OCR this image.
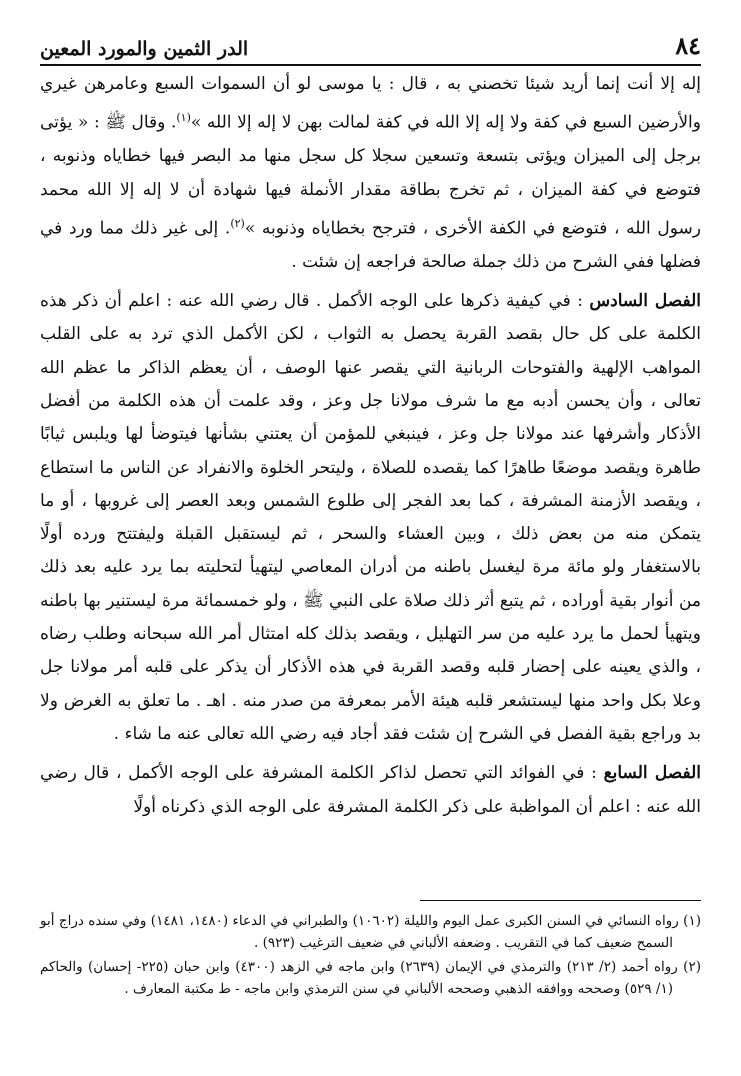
٨٤
الدر الثمين والمورد المعين

إله إلا أنت إنما أريد شيئا تخصني به ، قال : يا موسى لو أن السموات السبع وعامرهن غيري والأرضين السبع في كفة ولا إله إلا الله في كفة لمالت بهن لا إله إلا الله »$^{(١)}$. وقال ﷺ : « يؤتى برجل إلى الميزان ويؤتى بتسعة وتسعين سجلا كل سجل منها مد البصر فيها خطاياه وذنوبه ، فتوضع في كفة الميزان ، ثم تخرج بطاقة مقدار الأنملة فيها شهادة أن لا إله إلا الله محمد رسول الله ، فتوضع في الكفة الأخرى ، فترجح بخطاياه وذنوبه »$^{(٢)}$. إلى غير ذلك مما ورد في فضلها ففي الشرح من ذلك جملة صالحة فراجعه إن شئت .

الفصل السادس : في كيفية ذكرها على الوجه الأكمل . قال رضي الله عنه : اعلم أن ذكر هذه الكلمة على كل حال بقصد القربة يحصل به الثواب ، لكن الأكمل الذي ترد به على القلب المواهب الإلهية والفتوحات الربانية التي يقصر عنها الوصف ، أن يعظم الذاكر ما عظم الله تعالى ، وأن يحسن أدبه مع ما شرف مولانا جل وعز ، وقد علمت أن هذه الكلمة من أفضل الأذكار وأشرفها عند مولانا جل وعز ، فينبغي للمؤمن أن يعتني بشأنها فيتوضأ لها ويلبس ثيابًا طاهرة ويقصد موضعًا طاهرًا كما يقصده للصلاة ، وليتحر الخلوة والانفراد عن الناس ما استطاع ، ويقصد الأزمنة المشرفة ، كما بعد الفجر إلى طلوع الشمس وبعد العصر إلى غروبها ، أو ما يتمكن منه من بعض ذلك ، وبين العشاء والسحر ، ثم ليستقبل القبلة وليفتتح ورده أولًا بالاستغفار ولو مائة مرة ليغسل باطنه من أدران المعاصي ليتهيأ لتحليته بما يرد عليه بعد ذلك من أنوار بقية أوراده ، ثم يتبع أثر ذلك صلاة على النبي ﷺ ، ولو خمسمائة مرة ليستنير بها باطنه ويتهيأ لحمل ما يرد عليه من سر التهليل ، ويقصد بذلك كله امتثال أمر الله سبحانه وطلب رضاه ، والذي يعينه على إحضار قلبه وقصد القربة في هذه الأذكار أن يذكر على قلبه أمر مولانا جل وعلا بكل واحد منها ليستشعر قلبه هيئة الأمر بمعرفة من صدر منه . اهـ . ما تعلق به الغرض ولا بد وراجع بقية الفصل في الشرح إن شئت فقد أجاد فيه رضي الله تعالى عنه ما شاء .

الفصل السابع : في الفوائد التي تحصل لذاكر الكلمة المشرفة على الوجه الأكمل ، قال رضي الله عنه : اعلم أن المواظبة على ذكر الكلمة المشرفة على الوجه الذي ذكرناه أولًا

(١) رواه النسائي في السنن الكبرى عمل اليوم والليلة (١٠٦٠٢) والطبراني في الدعاء (١٤٨٠، ١٤٨١) وفي سنده دراج أبو السمح ضعيف كما في التقريب . وضعفه الألباني في ضعيف الترغيب (٩٢٣) .

(٢) رواه أحمد (٢/ ٢١٣) والترمذي في الإيمان (٢٦٣٩) وابن ماجه في الزهد (٤٣٠٠) وابن حبان (٢٢٥- إحسان) والحاكم (١/ ٥٢٩) وصححه ووافقه الذهبي وصححه الألباني في سنن الترمذي وابن ماجه - ط مكتبة المعارف .
